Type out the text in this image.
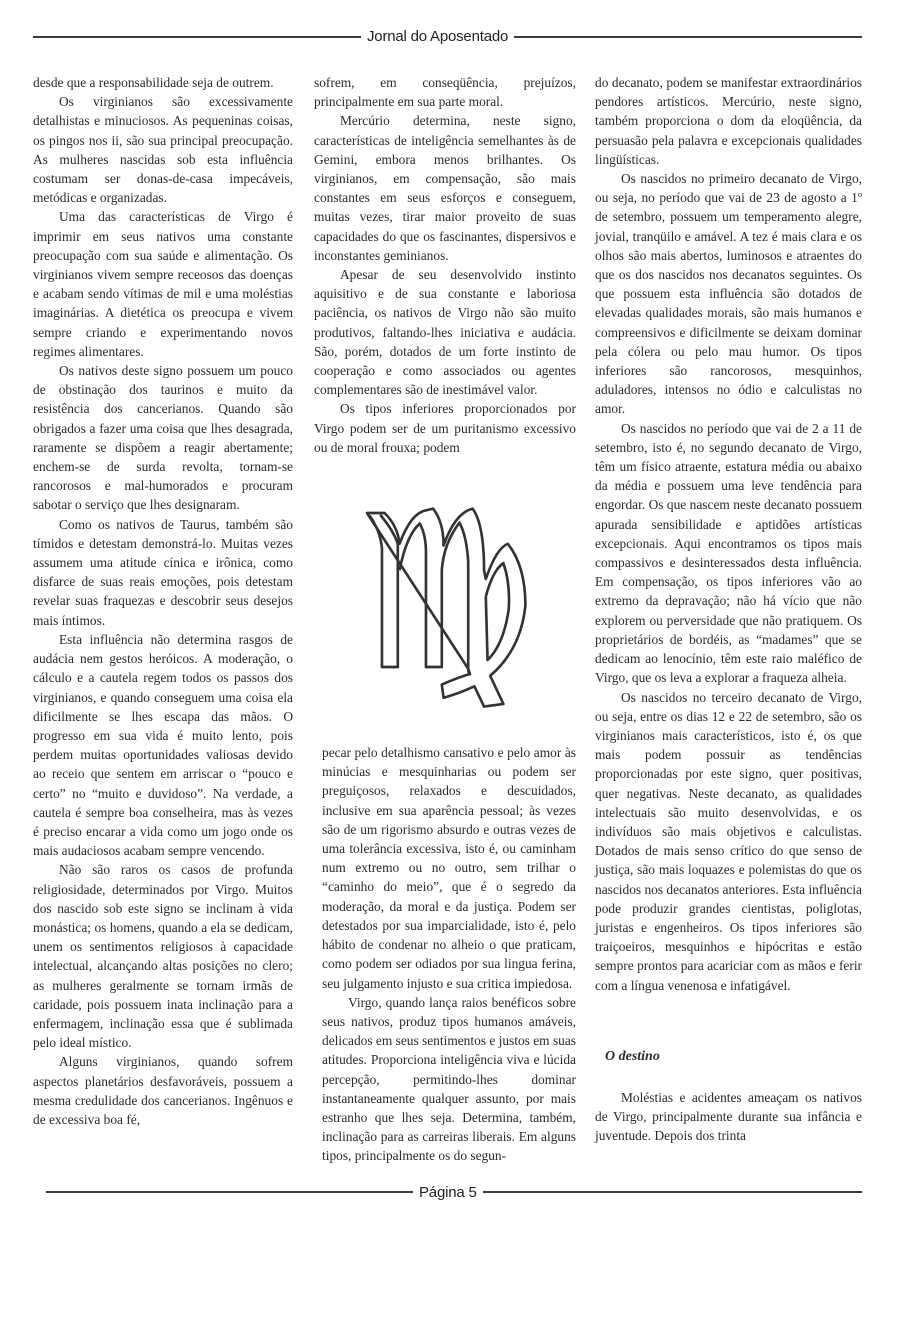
Jornal do Aposentado

desde que a responsabilidade seja de outrem.

Os virginianos são excessivamente detalhistas e minuciosos. As pequeninas coisas, os pingos nos ii, são sua principal preocupação. As mulheres nascidas sob esta influência costumam ser donas-de-casa impecáveis, metódicas e organizadas.

Uma das características de Virgo é imprimir em seus nativos uma constante preocupação com sua saúde e alimentação. Os virginianos vivem sempre receosos das doenças e acabam sendo vítimas de mil e uma moléstias imaginárias. A dietética os preocupa e vivem sempre criando e experimentando novos regimes alimentares.

Os nativos deste signo possuem um pouco de obstinação dos taurinos e muito da resistência dos cancerianos. Quando são obrigados a fazer uma coisa que lhes desagrada, raramente se dispõem a reagir abertamente; enchem-se de surda revolta, tornam-se rancorosos e mal-humorados e procuram sabotar o serviço que lhes designaram.

Como os nativos de Taurus, também são tímidos e detestam demonstrá-lo. Muitas vezes assumem uma atitude cínica e irônica, como disfarce de suas reais emoções, pois detestam revelar suas fraquezas e descobrir seus desejos mais íntimos.

Esta influência não determina rasgos de audácia nem gestos heróicos. A moderação, o cálculo e a cautela regem todos os passos dos virginianos, e quando conseguem uma coisa ela dificilmente se lhes escapa das mãos. O progresso em sua vida é muito lento, pois perdem muitas oportunidades valiosas devido ao receio que sentem em arriscar o “pouco e certo” no “muito e duvidoso”. Na verdade, a cautela é sempre boa conselheira, mas às vezes é preciso encarar a vida como um jogo onde os mais audaciosos acabam sempre vencendo.

Não são raros os casos de profunda religiosidade, determinados por Virgo. Muitos dos nascido sob este signo se inclinam à vida monástica; os homens, quando a ela se dedicam, unem os sentimentos religiosos à capacidade intelectual, alcançando altas posições no clero; as mulheres geralmente se tornam irmãs de caridade, pois possuem inata inclinação para a enfermagem, inclinação essa que é sublimada pelo ideal místico.

Alguns virginianos, quando sofrem aspectos planetários desfavoráveis, possuem a mesma credulidade dos cancerianos. Ingênuos e de excessiva boa fé,

sofrem, em conseqüência, prejuízos, principalmente em sua parte moral.

Mercúrio determina, neste signo, características de inteligência semelhantes às de Gemini, embora menos brilhantes. Os virginianos, em compensação, são mais constantes em seus esforços e conseguem, muitas vezes, tirar maior proveito de suas capacidades do que os fascinantes, dispersivos e inconstantes geminianos.

Apesar de seu desenvolvido instinto aquisitivo e de sua constante e laboriosa paciência, os nativos de Virgo não são muito produtivos, faltando-lhes iniciativa e audácia. São, porém, dotados de um forte instinto de cooperação e como associados ou agentes complementares são de inestimável valor.

Os tipos inferiores proporcionados por Virgo podem ser de um puritanismo excessivo ou de moral frouxa; podem

pecar pelo detalhismo cansativo e pelo amor às minúcias e mesquinharias ou podem ser preguiçosos, relaxados e descuidados, inclusive em sua aparência pessoal; às vezes são de um rigorismo absurdo e outras vezes de uma tolerância excessiva, isto é, ou caminham num extremo ou no outro, sem trilhar o “caminho do meio”, que é o segredo da moderação, da moral e da justiça. Podem ser detestados por sua imparcialidade, isto é, pelo hábito de condenar no alheio o que praticam, como podem ser odiados por sua lingua ferina, seu julgamento injusto e sua critica impiedosa.

Virgo, quando lança raios benéficos sobre seus nativos, produz tipos humanos amáveis, delicados em seus sentimentos e justos em suas atitudes. Proporciona inteligência viva e lúcida percepção, permitindo-lhes dominar instantaneamente qualquer assunto, por mais estranho que lhes seja. Determina, também, inclinação para as carreiras liberais. Em alguns tipos, principalmente os do segun-

do decanato, podem se manifestar extraordinários pendores artísticos. Mercúrio, neste signo, também proporciona o dom da eloqüência, da persuasão pela palavra e excepcionais qualidades lingüísticas.

Os nascidos no primeiro decanato de Virgo, ou seja, no período que vai de 23 de agosto a 1º de setembro, possuem um temperamento alegre, jovial, tranqüilo e amável. A tez é mais clara e os olhos são mais abertos, luminosos e atraentes do que os dos nascidos nos decanatos seguintes. Os que possuem esta influência são dotados de elevadas qualidades morais, são mais humanos e compreensivos e dificilmente se deixam dominar pela cólera ou pelo mau humor. Os tipos inferiores são rancorosos, mesquinhos, aduladores, intensos no ódio e calculistas no amor.

Os nascidos no período que vai de 2 a 11 de setembro, isto é, no segundo decanato de Virgo, têm um físico atraente, estatura média ou abaixo da média e possuem uma leve tendência para engordar. Os que nascem neste decanato possuem apurada sensibilidade e aptidões artísticas excepcionais. Aqui encontramos os tipos mais compassivos e desinteressados desta influência. Em compensação, os tipos inferiores vão ao extremo da depravação; não há vício que não explorem ou perversidade que não pratiquem. Os proprietários de bordéis, as “madames” que se dedicam ao lenocínio, têm este raio maléfico de Virgo, que os leva a explorar a fraqueza alheia.

Os nascidos no terceiro decanato de Virgo, ou seja, entre os dias 12 e 22 de setembro, são os virginianos mais característicos, isto é, os que mais podem possuir as tendências proporcionadas por este signo, quer positivas, quer negativas. Neste decanato, as qualidades intelectuais são muito desenvolvidas, e os indivíduos são mais objetivos e calculistas. Dotados de mais senso crítico do que senso de justiça, são mais loquazes e polemistas do que os nascidos nos decanatos anteriores. Esta influência pode produzir grandes cientistas, poliglotas, juristas e engenheiros. Os tipos inferiores são traiçoeiros, mesquinhos e hipócritas e estão sempre prontos para acariciar com as mãos e ferir com a língua venenosa e infatigável.

O destino

Moléstias e acidentes ameaçam os nativos de Virgo, principalmente durante sua infância e juventude. Depois dos trinta

Página 5
